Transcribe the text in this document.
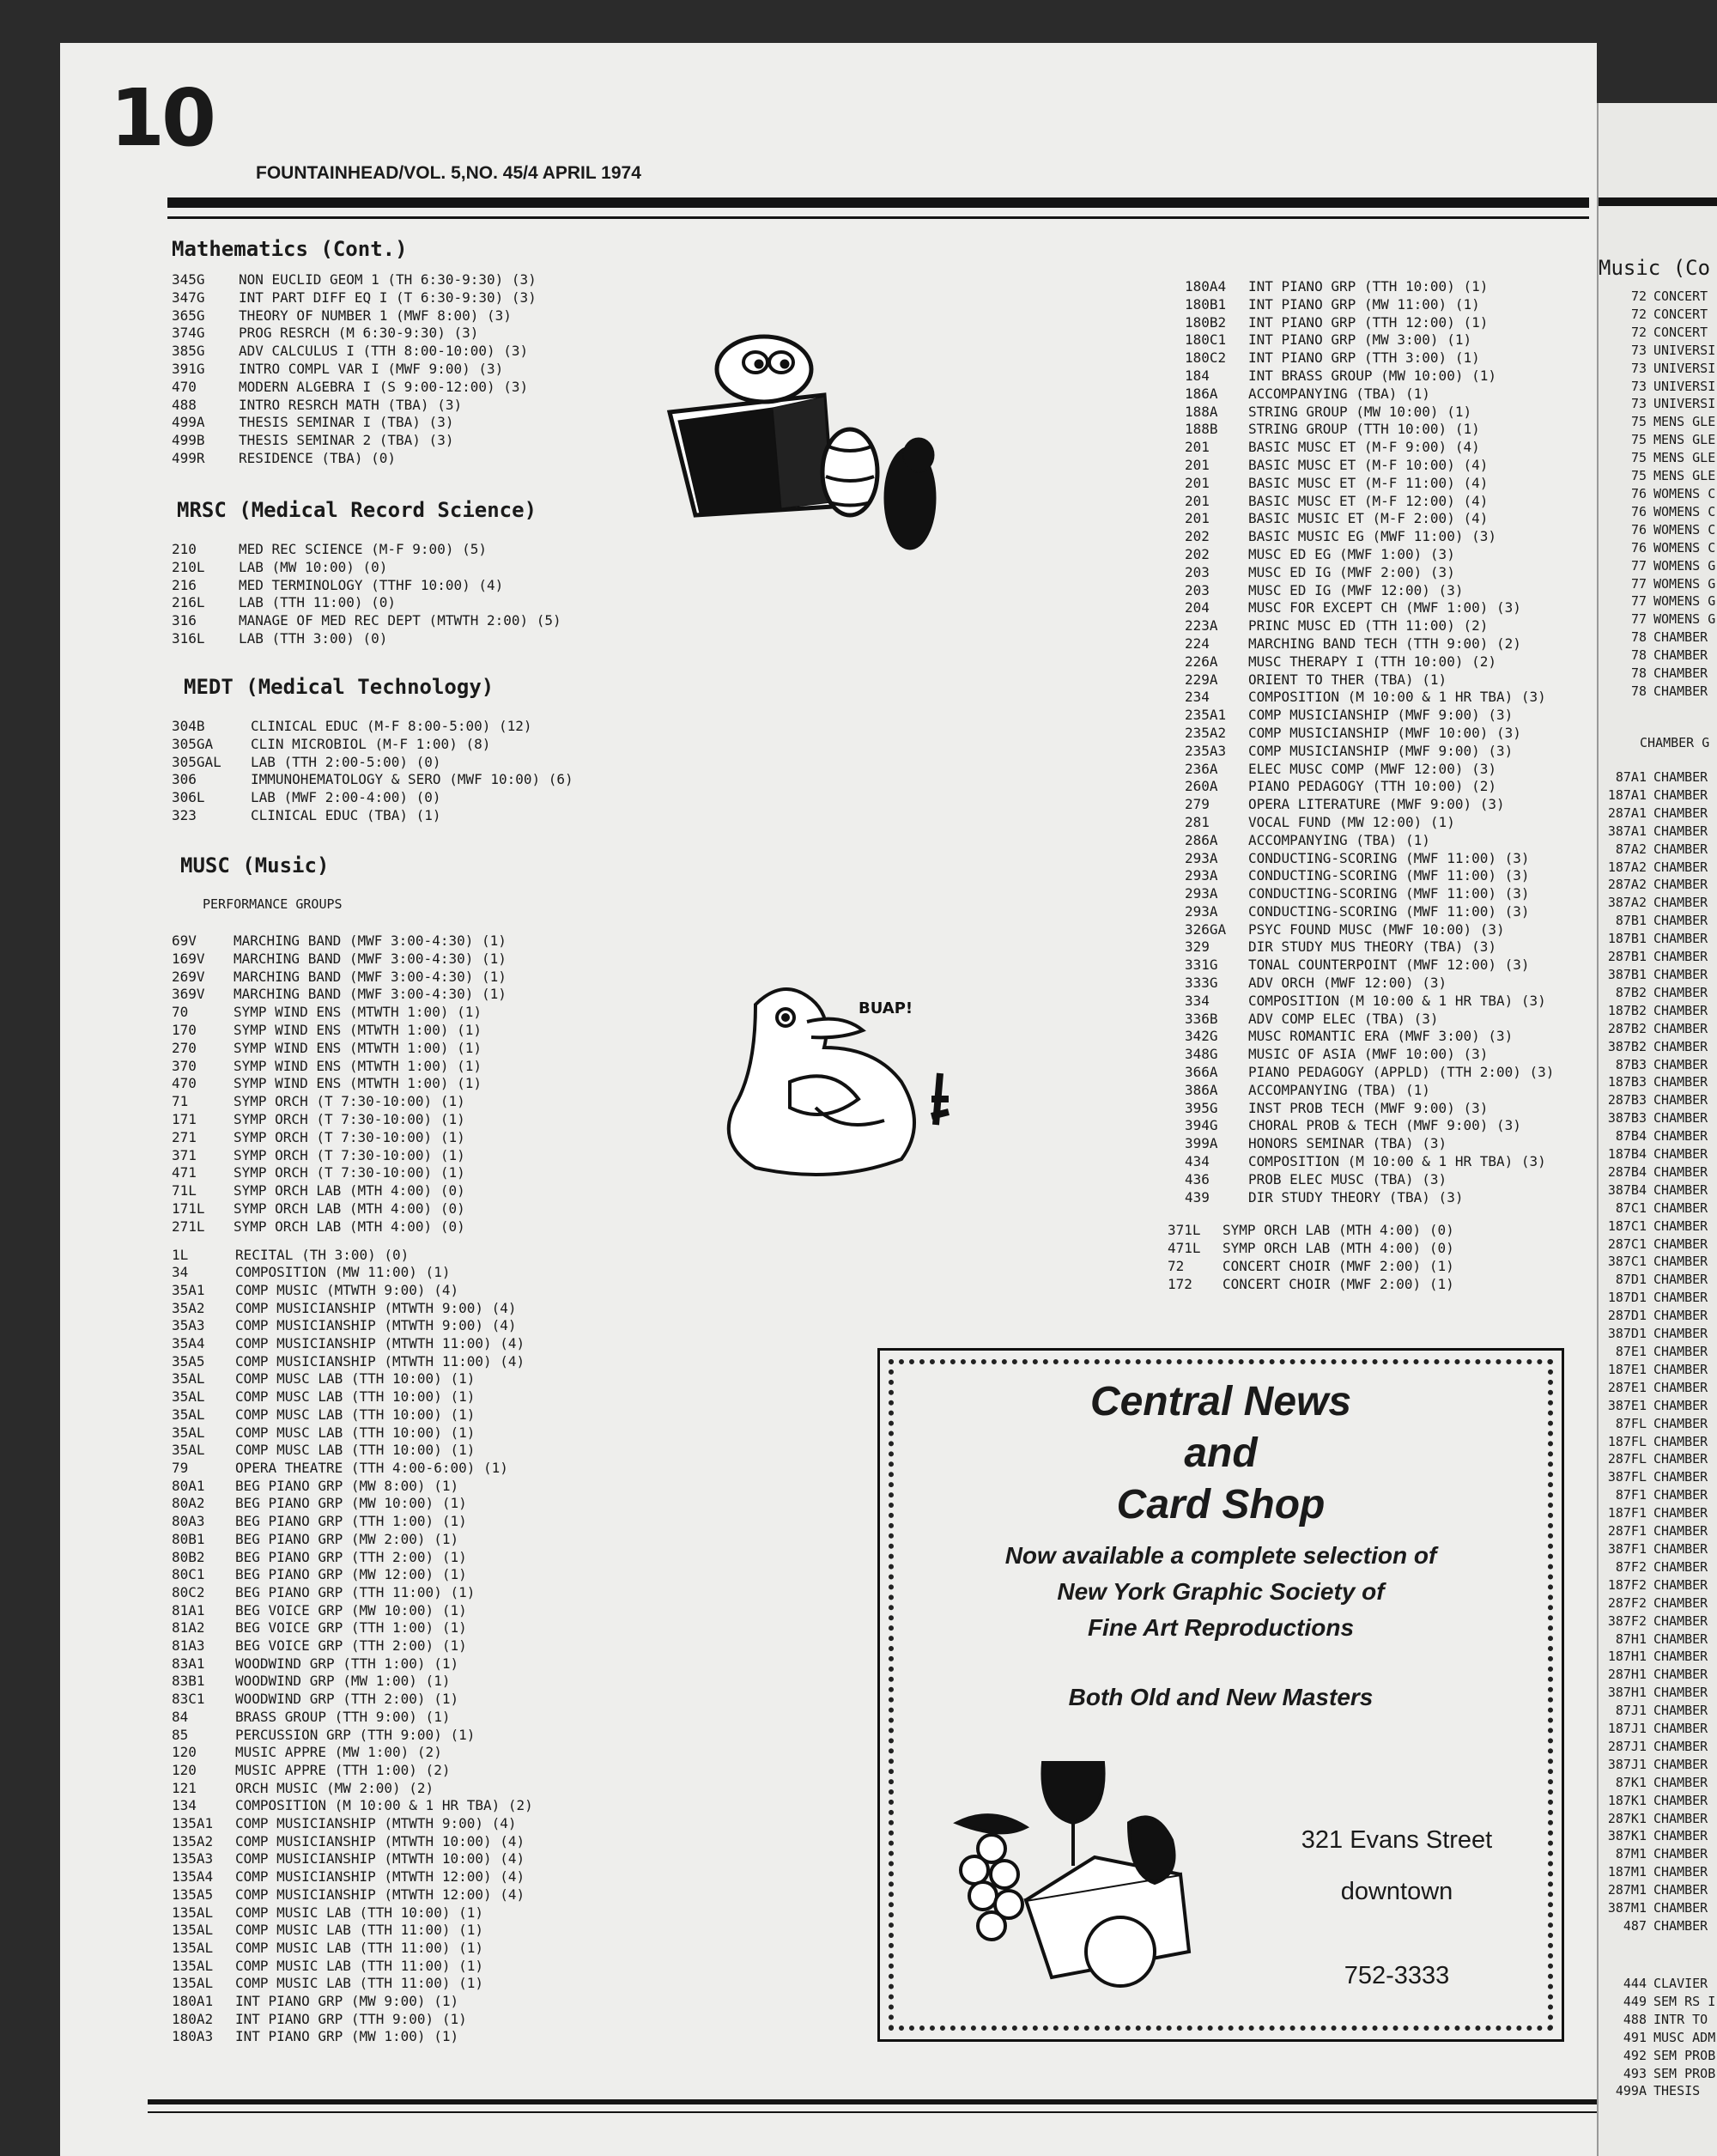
10
FOUNTAINHEAD/VOL. 5,NO. 45/4 APRIL 1974
Mathematics (Cont.)
345G	NON EUCLID GEOM 1 (TH 6:30-9:30) (3)
347G	INT PART DIFF EQ I (T 6:30-9:30) (3)
365G	THEORY OF NUMBER 1 (MWF 8:00) (3)
374G	PROG RESRCH (M 6:30-9:30) (3)
385G	ADV CALCULUS I (TTH 8:00-10:00) (3)
391G	INTRO COMPL VAR I (MWF 9:00) (3)
470	MODERN ALGEBRA I (S 9:00-12:00) (3)
488	INTRO RESRCH MATH (TBA) (3)
499A	THESIS SEMINAR I (TBA) (3)
499B	THESIS SEMINAR 2 (TBA) (3)
499R	RESIDENCE (TBA) (0)
MRSC (Medical Record Science)
210	MED REC SCIENCE (M-F 9:00) (5)
210L	LAB (MW 10:00) (0)
216	MED TERMINOLOGY (TTHF 10:00) (4)
216L	LAB (TTH 11:00) (0)
316	MANAGE OF MED REC DEPT (MTWTH 2:00) (5)
316L	LAB (TTH 3:00) (0)
MEDT (Medical Technology)
304B	CLINICAL EDUC (M-F 8:00-5:00) (12)
305GA	CLIN MICROBIOL (M-F 1:00) (8)
305GAL	LAB (TTH 2:00-5:00) (0)
306	IMMUNOHEMATOLOGY & SERO (MWF 10:00) (6)
306L	LAB (MWF 2:00-4:00) (0)
323	CLINICAL EDUC (TBA) (1)
MUSC (Music)
PERFORMANCE GROUPS
69V	MARCHING BAND (MWF 3:00-4:30) (1)
169V	MARCHING BAND (MWF 3:00-4:30) (1)
269V	MARCHING BAND (MWF 3:00-4:30) (1)
369V	MARCHING BAND (MWF 3:00-4:30) (1)
70	SYMP WIND ENS (MTWTH 1:00) (1)
170	SYMP WIND ENS (MTWTH 1:00) (1)
270	SYMP WIND ENS (MTWTH 1:00) (1)
370	SYMP WIND ENS (MTWTH 1:00) (1)
470	SYMP WIND ENS (MTWTH 1:00) (1)
71	SYMP ORCH (T 7:30-10:00) (1)
171	SYMP ORCH (T 7:30-10:00) (1)
271	SYMP ORCH (T 7:30-10:00) (1)
371	SYMP ORCH (T 7:30-10:00) (1)
471	SYMP ORCH (T 7:30-10:00) (1)
71L	SYMP ORCH LAB (MTH 4:00) (0)
171L	SYMP ORCH LAB (MTH 4:00) (0)
271L	SYMP ORCH LAB (MTH 4:00) (0)
1L	RECITAL (TH 3:00) (0)
34	COMPOSITION (MW 11:00) (1)
35A1	COMP MUSIC (MTWTH 9:00) (4)
35A2	COMP MUSICIANSHIP (MTWTH 9:00) (4)
35A3	COMP MUSICIANSHIP (MTWTH 9:00) (4)
35A4	COMP MUSICIANSHIP (MTWTH 11:00) (4)
35A5	COMP MUSICIANSHIP (MTWTH 11:00) (4)
35AL	COMP MUSC LAB (TTH 10:00) (1)
35AL	COMP MUSC LAB (TTH 10:00) (1)
35AL	COMP MUSC LAB (TTH 10:00) (1)
35AL	COMP MUSC LAB (TTH 10:00) (1)
35AL	COMP MUSC LAB (TTH 10:00) (1)
79	OPERA THEATRE (TTH 4:00-6:00) (1)
80A1	BEG PIANO GRP (MW 8:00) (1)
80A2	BEG PIANO GRP (MW 10:00) (1)
80A3	BEG PIANO GRP (TTH 1:00) (1)
80B1	BEG PIANO GRP (MW 2:00) (1)
80B2	BEG PIANO GRP (TTH 2:00) (1)
80C1	BEG PIANO GRP (MW 12:00) (1)
80C2	BEG PIANO GRP (TTH 11:00) (1)
81A1	BEG VOICE GRP (MW 10:00) (1)
81A2	BEG VOICE GRP (TTH 1:00) (1)
81A3	BEG VOICE GRP (TTH 2:00) (1)
83A1	WOODWIND GRP (TTH 1:00) (1)
83B1	WOODWIND GRP (MW 1:00) (1)
83C1	WOODWIND GRP (TTH 2:00) (1)
84	BRASS GROUP (TTH 9:00) (1)
85	PERCUSSION GRP (TTH 9:00) (1)
120	MUSIC APPRE (MW 1:00) (2)
120	MUSIC APPRE (TTH 1:00) (2)
121	ORCH MUSIC (MW 2:00) (2)
134	COMPOSITION (M 10:00 & 1 HR TBA) (2)
135A1	COMP MUSICIANSHIP (MTWTH 9:00) (4)
135A2	COMP MUSICIANSHIP (MTWTH 10:00) (4)
135A3	COMP MUSICIANSHIP (MTWTH 10:00) (4)
135A4	COMP MUSICIANSHIP (MTWTH 12:00) (4)
135A5	COMP MUSICIANSHIP (MTWTH 12:00) (4)
135AL	COMP MUSIC LAB (TTH 10:00) (1)
135AL	COMP MUSIC LAB (TTH 11:00) (1)
135AL	COMP MUSIC LAB (TTH 11:00) (1)
135AL	COMP MUSIC LAB (TTH 11:00) (1)
135AL	COMP MUSIC LAB (TTH 11:00) (1)
180A1	INT PIANO GRP (MW 9:00) (1)
180A2	INT PIANO GRP (TTH 9:00) (1)
180A3	INT PIANO GRP (MW 1:00) (1)
180A4	INT PIANO GRP (TTH 10:00) (1)
180B1	INT PIANO GRP (MW 11:00) (1)
180B2	INT PIANO GRP (TTH 12:00) (1)
180C1	INT PIANO GRP (MW 3:00) (1)
180C2	INT PIANO GRP (TTH 3:00) (1)
184	INT BRASS GROUP (MW 10:00) (1)
186A	ACCOMPANYING (TBA) (1)
188A	STRING GROUP (MW 10:00) (1)
188B	STRING GROUP (TTH 10:00) (1)
201	BASIC MUSC ET (M-F 9:00) (4)
201	BASIC MUSC ET (M-F 10:00) (4)
201	BASIC MUSC ET (M-F 11:00) (4)
201	BASIC MUSC ET (M-F 12:00) (4)
201	BASIC MUSIC ET (M-F 2:00) (4)
202	BASIC MUSIC EG (MWF 11:00) (3)
202	MUSC ED EG (MWF 1:00) (3)
203	MUSC ED IG (MWF 2:00) (3)
203	MUSC ED IG (MWF 12:00) (3)
204	MUSC FOR EXCEPT CH (MWF 1:00) (3)
223A	PRINC MUSC ED (TTH 11:00) (2)
224	MARCHING BAND TECH (TTH 9:00) (2)
226A	MUSC THERAPY I (TTH 10:00) (2)
229A	ORIENT TO THER (TBA) (1)
234	COMPOSITION (M 10:00 & 1 HR TBA) (3)
235A1	COMP MUSICIANSHIP (MWF 9:00) (3)
235A2	COMP MUSICIANSHIP (MWF 10:00) (3)
235A3	COMP MUSICIANSHIP (MWF 9:00) (3)
236A	ELEC MUSC COMP (MWF 12:00) (3)
260A	PIANO PEDAGOGY (TTH 10:00) (2)
279	OPERA LITERATURE (MWF 9:00) (3)
281	VOCAL FUND (MW 12:00) (1)
286A	ACCOMPANYING (TBA) (1)
293A	CONDUCTING-SCORING (MWF 11:00) (3)
293A	CONDUCTING-SCORING (MWF 11:00) (3)
293A	CONDUCTING-SCORING (MWF 11:00) (3)
293A	CONDUCTING-SCORING (MWF 11:00) (3)
326GA	PSYC FOUND MUSC (MWF 10:00) (3)
329	DIR STUDY MUS THEORY (TBA) (3)
331G	TONAL COUNTERPOINT (MWF 12:00) (3)
333G	ADV ORCH (MWF 12:00) (3)
334	COMPOSITION (M 10:00 & 1 HR TBA) (3)
336B	ADV COMP ELEC (TBA) (3)
342G	MUSC ROMANTIC ERA (MWF 3:00) (3)
348G	MUSIC OF ASIA (MWF 10:00) (3)
366A	PIANO PEDAGOGY (APPLD) (TTH 2:00) (3)
386A	ACCOMPANYING (TBA) (1)
395G	INST PROB TECH (MWF 9:00) (3)
394G	CHORAL PROB & TECH (MWF 9:00) (3)
399A	HONORS SEMINAR (TBA) (3)
434	COMPOSITION (M 10:00 & 1 HR TBA) (3)
436	PROB ELEC MUSC (TBA) (3)
439	DIR STUDY THEORY (TBA) (3)
371L	SYMP ORCH LAB (MTH 4:00) (0)
471L	SYMP ORCH LAB (MTH 4:00) (0)
72	CONCERT CHOIR (MWF 2:00) (1)
172	CONCERT CHOIR (MWF 2:00) (1)
BUAP!
Central News
and
Card Shop
Now available a complete selection of
New York Graphic Society of
Fine Art Reproductions
Both Old and New Masters
321 Evans Street
downtown
752-3333
Music (Co
72 CONCERT
72 CONCERT
72 CONCERT
73 UNIVERSI
73 UNIVERSI
73 UNIVERSI
73 UNIVERSI
75 MENS GLE
75 MENS GLE
75 MENS GLE
75 MENS GLE
76 WOMENS C
76 WOMENS C
76 WOMENS C
76 WOMENS C
77 WOMENS G
77 WOMENS G
77 WOMENS G
77 WOMENS G
78 CHAMBER
78 CHAMBER
78 CHAMBER
78 CHAMBER
CHAMBER G
87A1 CHAMBER
187A1 CHAMBER
287A1 CHAMBER
387A1 CHAMBER
87A2 CHAMBER
187A2 CHAMBER
287A2 CHAMBER
387A2 CHAMBER
87B1 CHAMBER
187B1 CHAMBER
287B1 CHAMBER
387B1 CHAMBER
87B2 CHAMBER
187B2 CHAMBER
287B2 CHAMBER
387B2 CHAMBER
87B3 CHAMBER
187B3 CHAMBER
287B3 CHAMBER
387B3 CHAMBER
87B4 CHAMBER
187B4 CHAMBER
287B4 CHAMBER
387B4 CHAMBER
87C1 CHAMBER
187C1 CHAMBER
287C1 CHAMBER
387C1 CHAMBER
87D1 CHAMBER
187D1 CHAMBER
287D1 CHAMBER
387D1 CHAMBER
87E1 CHAMBER
187E1 CHAMBER
287E1 CHAMBER
387E1 CHAMBER
87FL CHAMBER
187FL CHAMBER
287FL CHAMBER
387FL CHAMBER
87F1 CHAMBER
187F1 CHAMBER
287F1 CHAMBER
387F1 CHAMBER
87F2 CHAMBER
187F2 CHAMBER
287F2 CHAMBER
387F2 CHAMBER
87H1 CHAMBER
187H1 CHAMBER
287H1 CHAMBER
387H1 CHAMBER
87J1 CHAMBER
187J1 CHAMBER
287J1 CHAMBER
387J1 CHAMBER
87K1 CHAMBER
187K1 CHAMBER
287K1 CHAMBER
387K1 CHAMBER
87M1 CHAMBER
187M1 CHAMBER
287M1 CHAMBER
387M1 CHAMBER
487 CHAMBER
444 CLAVIER
449 SEM RS I
488 INTR TO
491 MUSC ADM
492 SEM PROB
493 SEM PROB
499A THESIS
